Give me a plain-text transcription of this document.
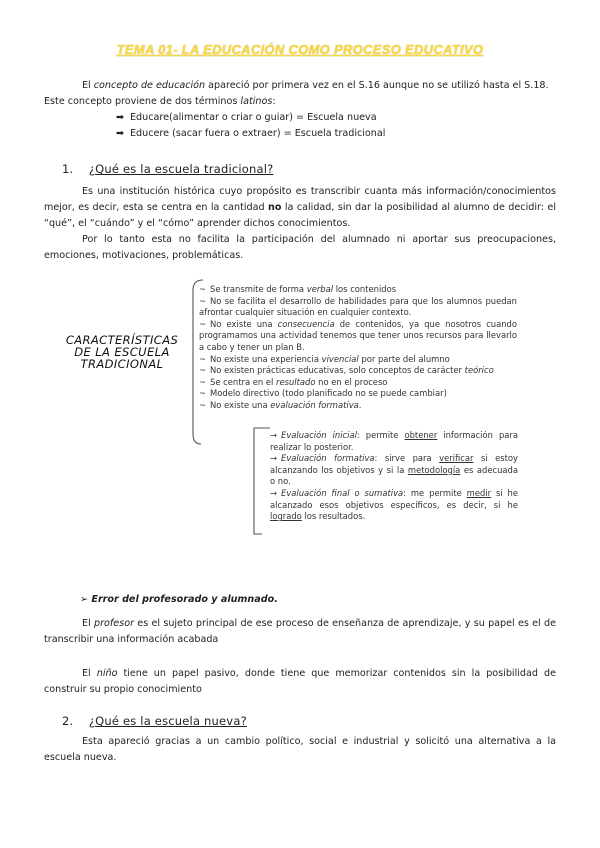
TEMA 01- LA EDUCACIÓN COMO PROCESO EDUCATIVO
El concepto de educación apareció por primera vez en el S.16 aunque no se utilizó hasta el S.18.
Este concepto proviene de dos términos latinos:
➡ Educare(alimentar o criar o guiar) = Escuela nueva
➡ Educere (sacar fuera o extraer) = Escuela tradicional
1. ¿Qué es la escuela tradicional?
Es una institución histórica cuyo propósito es transcribir cuanta más información/conocimientos mejor, es decir, esta se centra en la cantidad no la calidad, sin dar la posibilidad al alumno de decidir: el “qué”, el “cuándo” y el “cómo” aprender dichos conocimientos.
Por lo tanto esta no facilita la participación del alumnado ni aportar sus preocupaciones, emociones, motivaciones, problemáticas.
CARACTERÍSTICAS
DE LA ESCUELA
TRADICIONAL
~ Se transmite de forma verbal los contenidos
~ No se facilita el desarrollo de habilidades para que los alumnos puedan afrontar cualquier situación en cualquier contexto.
~ No existe una consecuencia de contenidos, ya que nosotros cuando programamos una actividad tenemos que tener unos recursos para llevarlo a cabo y tener un plan B.
~ No existe una experiencia vivencial por parte del alumno
~ No existen prácticas educativas, solo conceptos de carácter teórico
~ Se centra en el resultado no en el proceso
~ Modelo directivo (todo planificado no se puede cambiar)
~ No existe una evaluación formativa.
→ Evaluación inicial: permite obtener información para realizar lo posterior.
→ Evaluación formativa: sirve para verificar si estoy alcanzando los objetivos y si la metodología es adecuada o no.
→ Evaluación final o sumativa: me permite medir si he alcanzado esos objetivos específicos, es decir, si he logrado los resultados.
➢ Error del profesorado y alumnado.
El profesor es el sujeto principal de ese proceso de enseñanza de aprendizaje, y su papel es el de transcribir una información acabada
El niño tiene un papel pasivo, donde tiene que memorizar contenidos sin la posibilidad de construir su propio conocimiento
2. ¿Qué es la escuela nueva?
Esta apareció gracias a un cambio político, social e industrial y solicitó una alternativa a la escuela nueva.
